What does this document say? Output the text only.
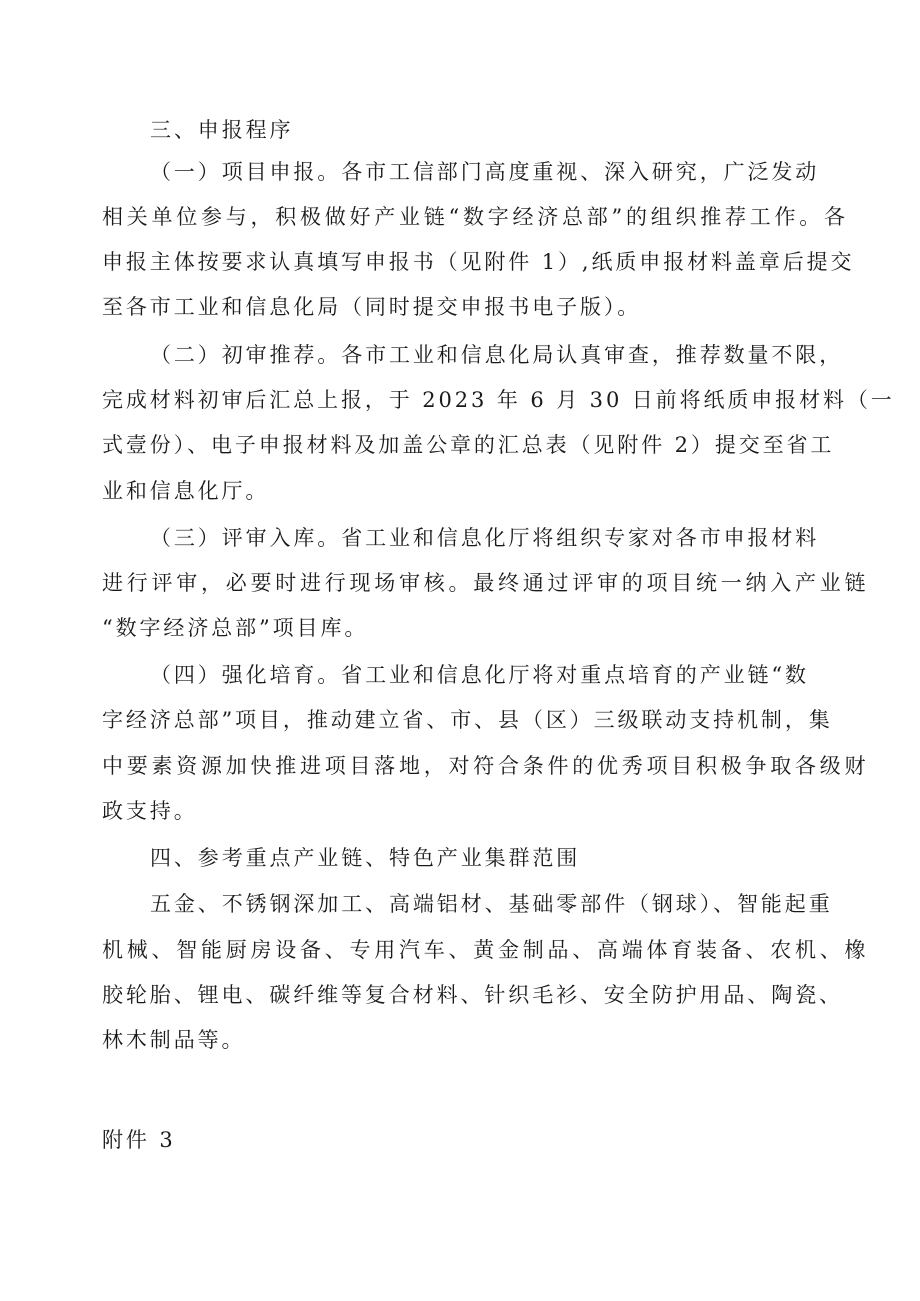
三、申报程序
（一）项目申报。各市工信部门高度重视、深入研究，广泛发动
相关单位参与，积极做好产业链“数字经济总部”的组织推荐工作。各
申报主体按要求认真填写申报书（见附件 1）,纸质申报材料盖章后提交
至各市工业和信息化局（同时提交申报书电子版）。
（二）初审推荐。各市工业和信息化局认真审查，推荐数量不限，
完成材料初审后汇总上报，于 2023 年 6 月 30 日前将纸质申报材料（一
式壹份）、电子申报材料及加盖公章的汇总表（见附件 2）提交至省工
业和信息化厅。
（三）评审入库。省工业和信息化厅将组织专家对各市申报材料
进行评审，必要时进行现场审核。最终通过评审的项目统一纳入产业链
“数字经济总部”项目库。
（四）强化培育。省工业和信息化厅将对重点培育的产业链“数
字经济总部”项目，推动建立省、市、县（区）三级联动支持机制，集
中要素资源加快推进项目落地，对符合条件的优秀项目积极争取各级财
政支持。
四、参考重点产业链、特色产业集群范围
五金、不锈钢深加工、高端铝材、基础零部件（钢球）、智能起重
机械、智能厨房设备、专用汽车、黄金制品、高端体育装备、农机、橡
胶轮胎、锂电、碳纤维等复合材料、针织毛衫、安全防护用品、陶瓷、
林木制品等。
附件 3
